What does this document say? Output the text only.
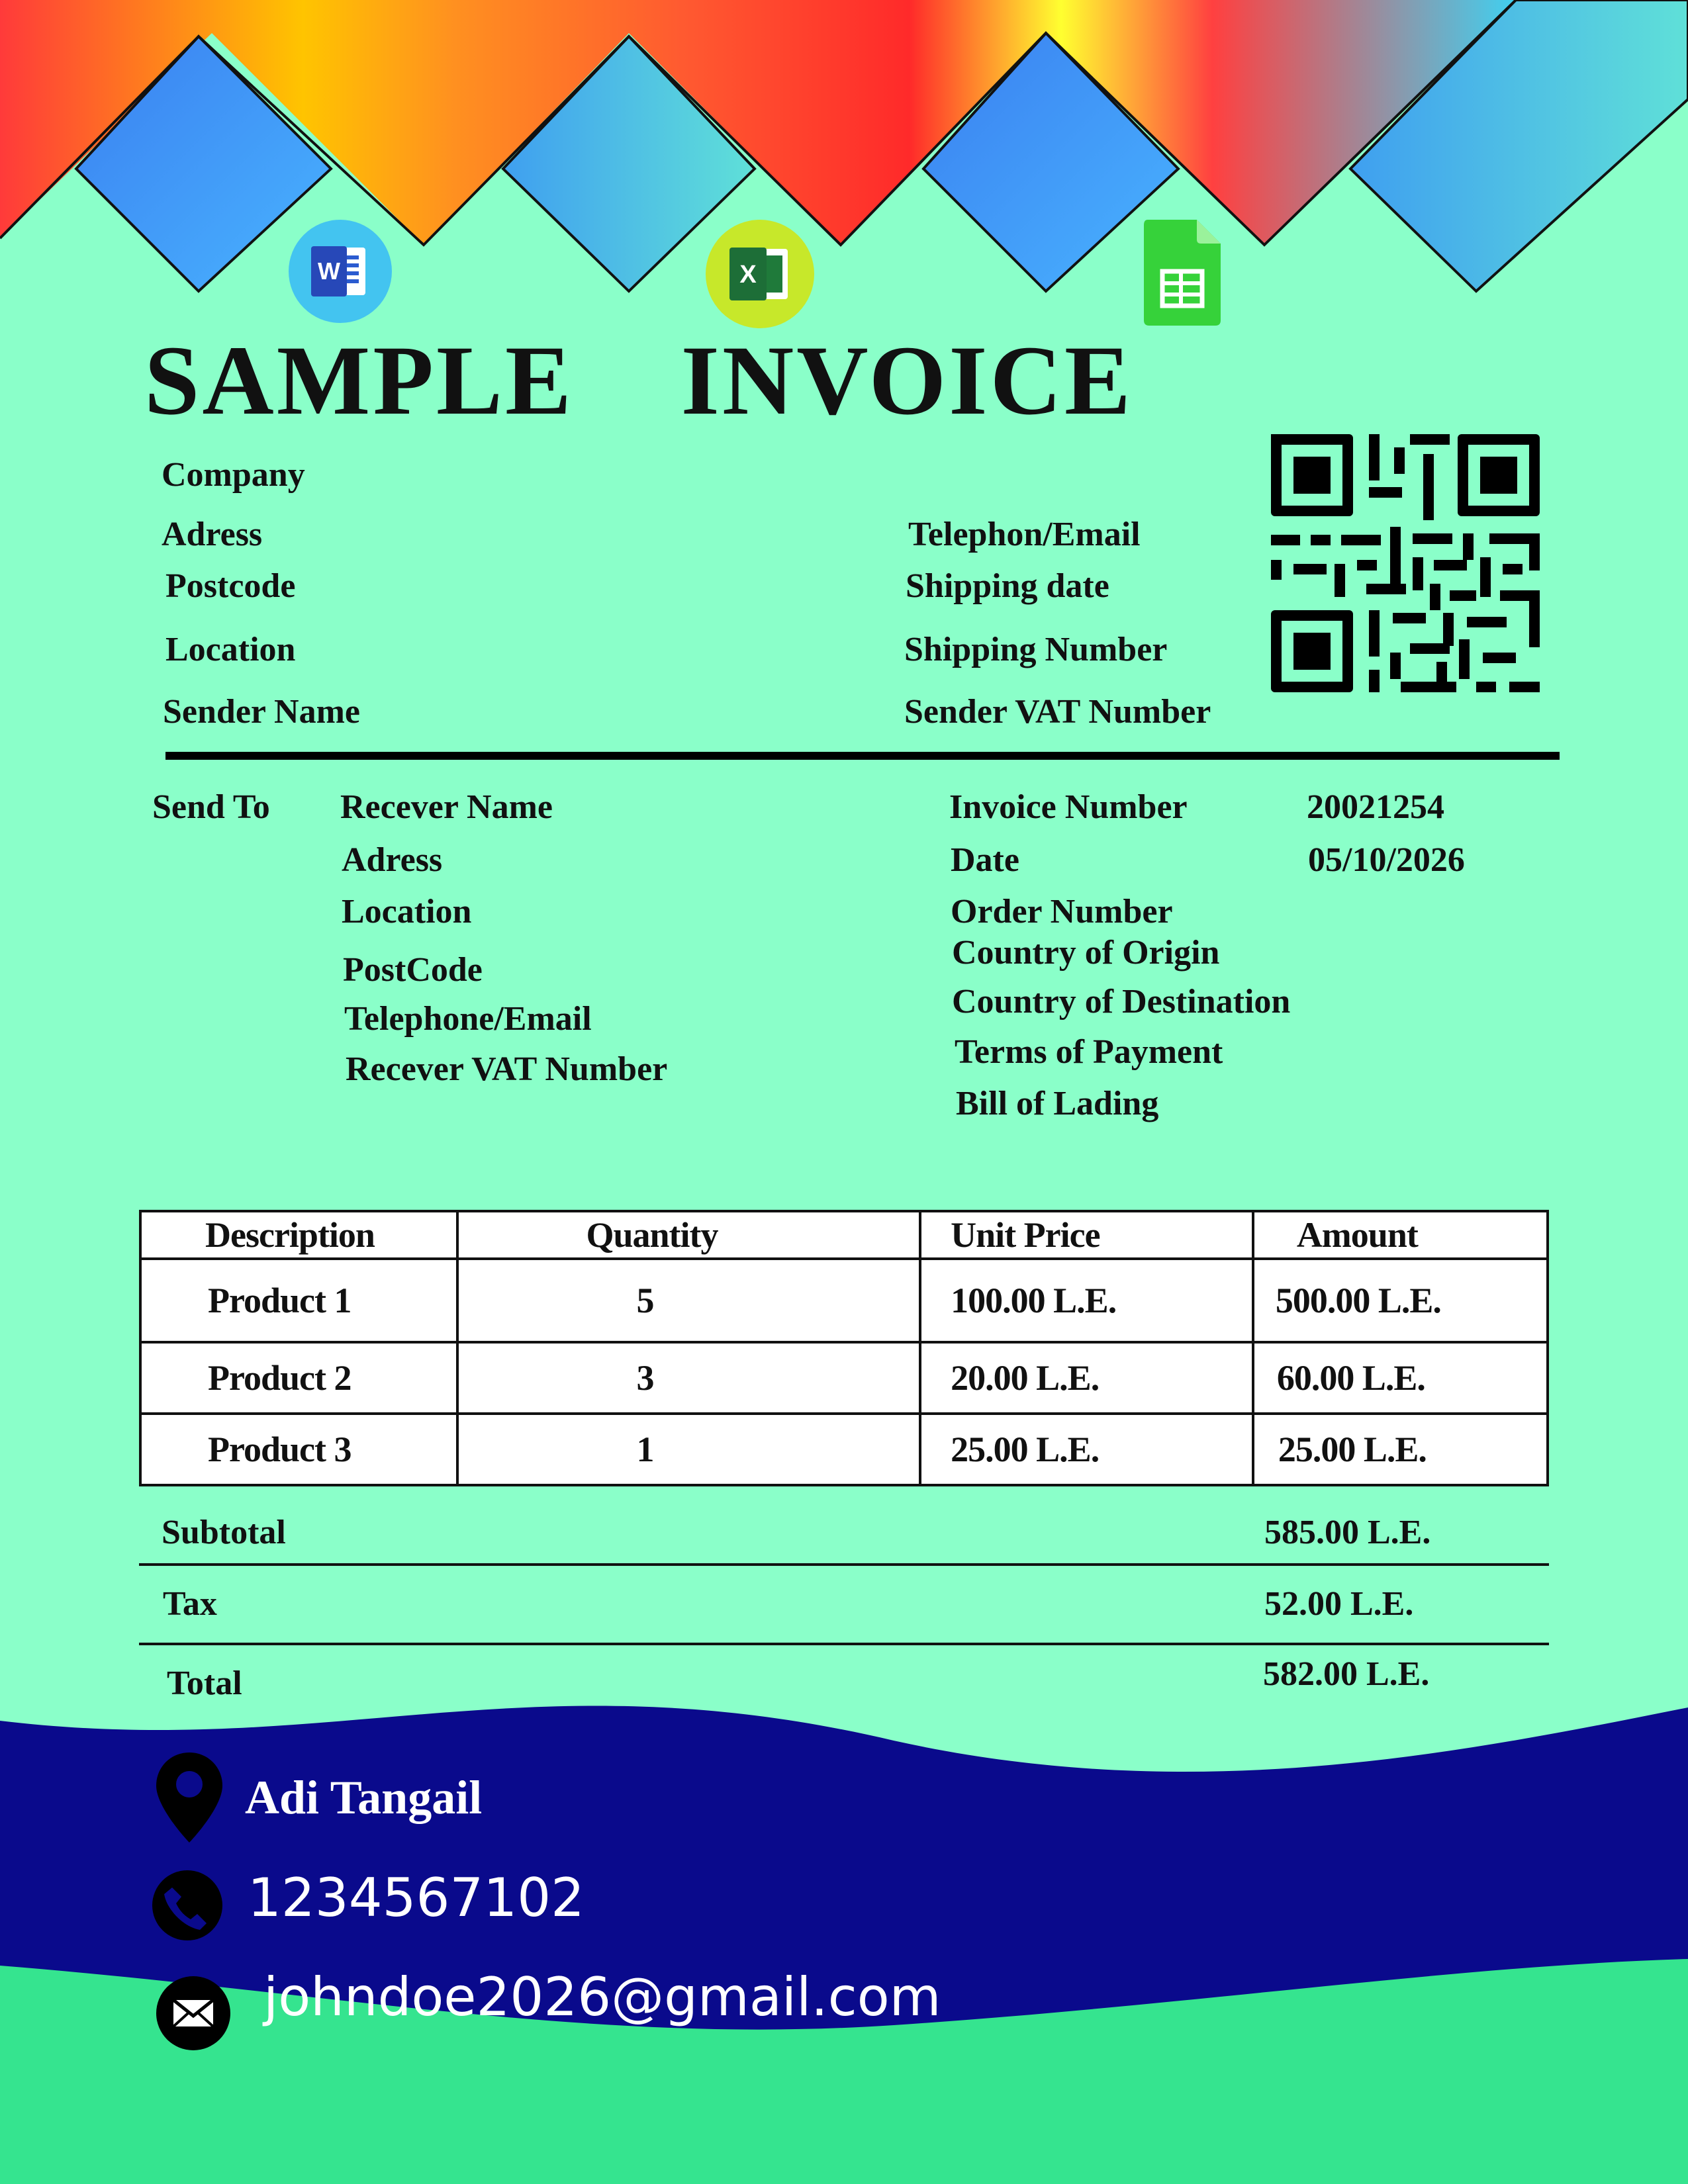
W	X
SAMPLE INVOICE
Company
Adress
Postcode
Location
Sender Name
Telephon/Email
Shipping date
Shipping Number
Sender VAT Number
Send To Recever Name
Adress
Location
PostCode
Telephone/Email
Recever VAT Number
Invoice Number	20021254
Date	05/10/2026
Order Number
Country of Origin
Country of Destination
Terms of Payment
Bill of Lading
Description	Quantity	Unit Price	Amount
Product 1	5	100.00 L.E.	500.00 L.E.
Product 2	3	20.00 L.E.	60.00 L.E.
Product 3	1	25.00 L.E.	25.00 L.E.
Subtotal	585.00 L.E.
Tax	52.00 L.E.
Total	582.00 L.E.
Adi Tangail
1234567102
johndoe2026@gmail.com
